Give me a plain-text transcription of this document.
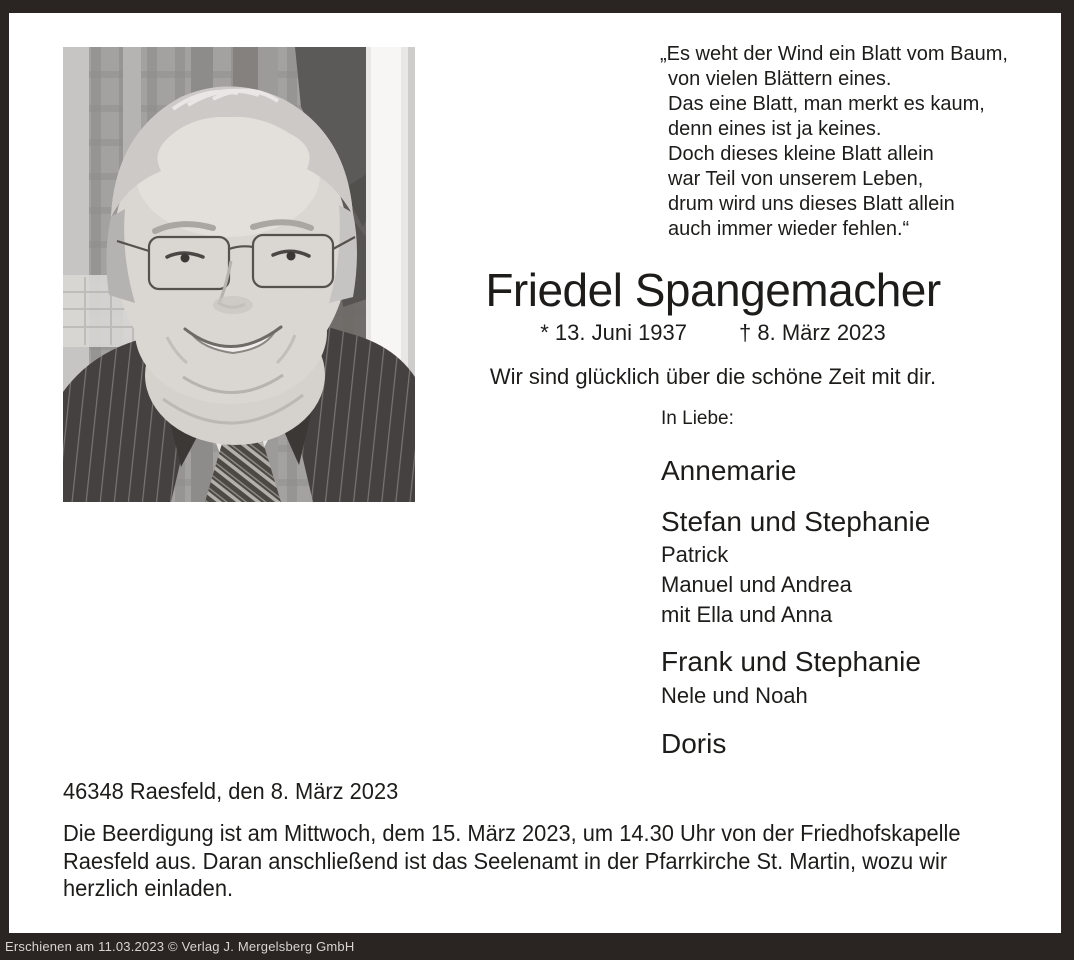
„Es weht der Wind ein Blatt vom Baum,
von vielen Blättern eines.
Das eine Blatt, man merkt es kaum,
denn eines ist ja keines.
Doch dieses kleine Blatt allein
war Teil von unserem Leben,
drum wird uns dieses Blatt allein
auch immer wieder fehlen.“
Friedel Spangemacher
* 13. Juni 1937 † 8. März 2023
Wir sind glücklich über die schöne Zeit mit dir.
In Liebe:
Annemarie
Stefan und Stephanie
Patrick
Manuel und Andrea
mit Ella und Anna
Frank und Stephanie
Nele und Noah
Doris
46348 Raesfeld, den 8. März 2023
Die Beerdigung ist am Mittwoch, dem 15. März 2023, um 14.30 Uhr von der Friedhofskapelle
Raesfeld aus. Daran anschließend ist das Seelenamt in der Pfarrkirche St. Martin, wozu wir
herzlich einladen.
Erschienen am 11.03.2023 © Verlag J. Mergelsberg GmbH
